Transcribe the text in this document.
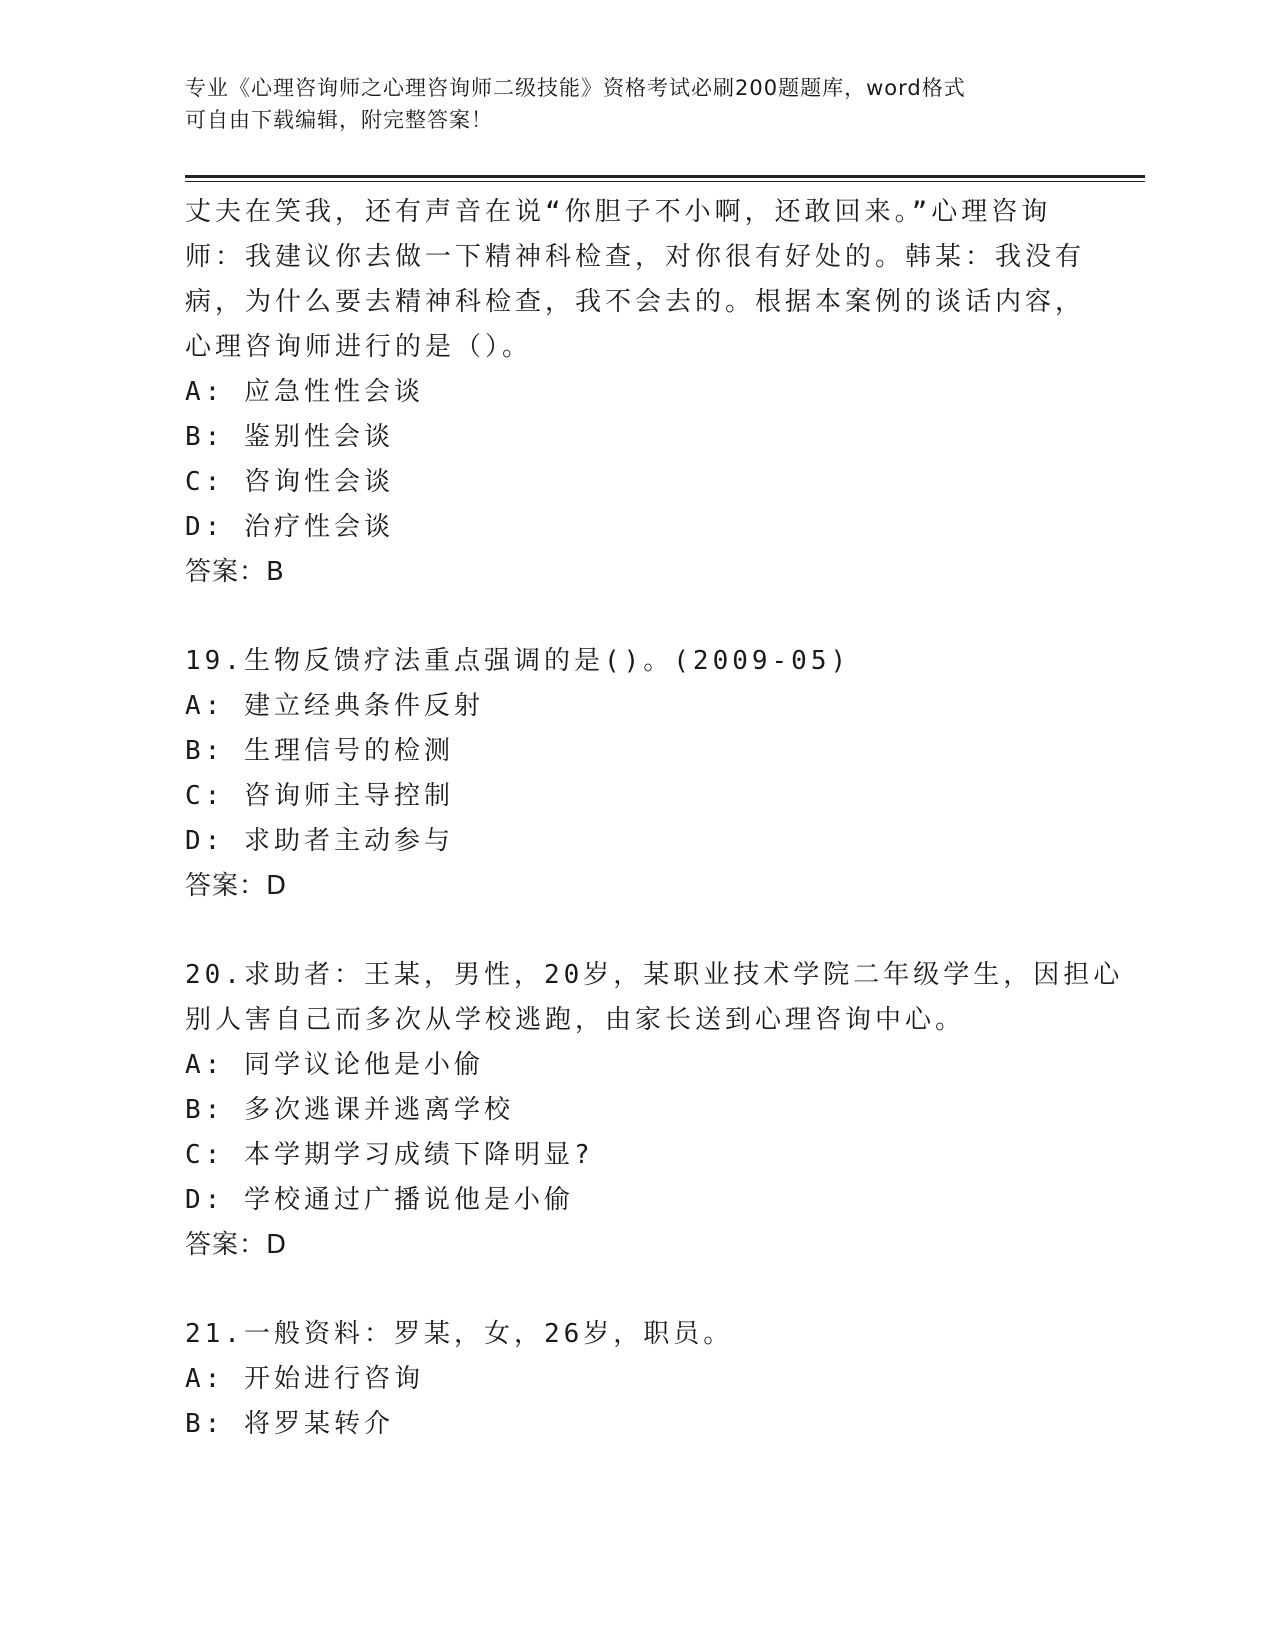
专业《心理咨询师之心理咨询师二级技能》资格考试必刷200题题库，word格式
可自由下载编辑，附完整答案！
丈夫在笑我，还有声音在说“你胆子不小啊，还敢回来。”心理咨询
师：我建议你去做一下精神科检查，对你很有好处的。韩某：我没有
病，为什么要去精神科检查，我不会去的。根据本案例的谈话内容，
心理咨询师进行的是（）。
A: 应急性性会谈
B: 鉴别性会谈
C: 咨询性会谈
D: 治疗性会谈
答案：B
19.生物反馈疗法重点强调的是()。(2009-05)
A: 建立经典条件反射
B: 生理信号的检测
C: 咨询师主导控制
D: 求助者主动参与
答案：D
20.求助者：王某，男性，20岁，某职业技术学院二年级学生，因担心
别人害自己而多次从学校逃跑，由家长送到心理咨询中心。
A: 同学议论他是小偷
B: 多次逃课并逃离学校
C: 本学期学习成绩下降明显?
D: 学校通过广播说他是小偷
答案：D
21.一般资料：罗某，女，26岁，职员。
A: 开始进行咨询
B: 将罗某转介
